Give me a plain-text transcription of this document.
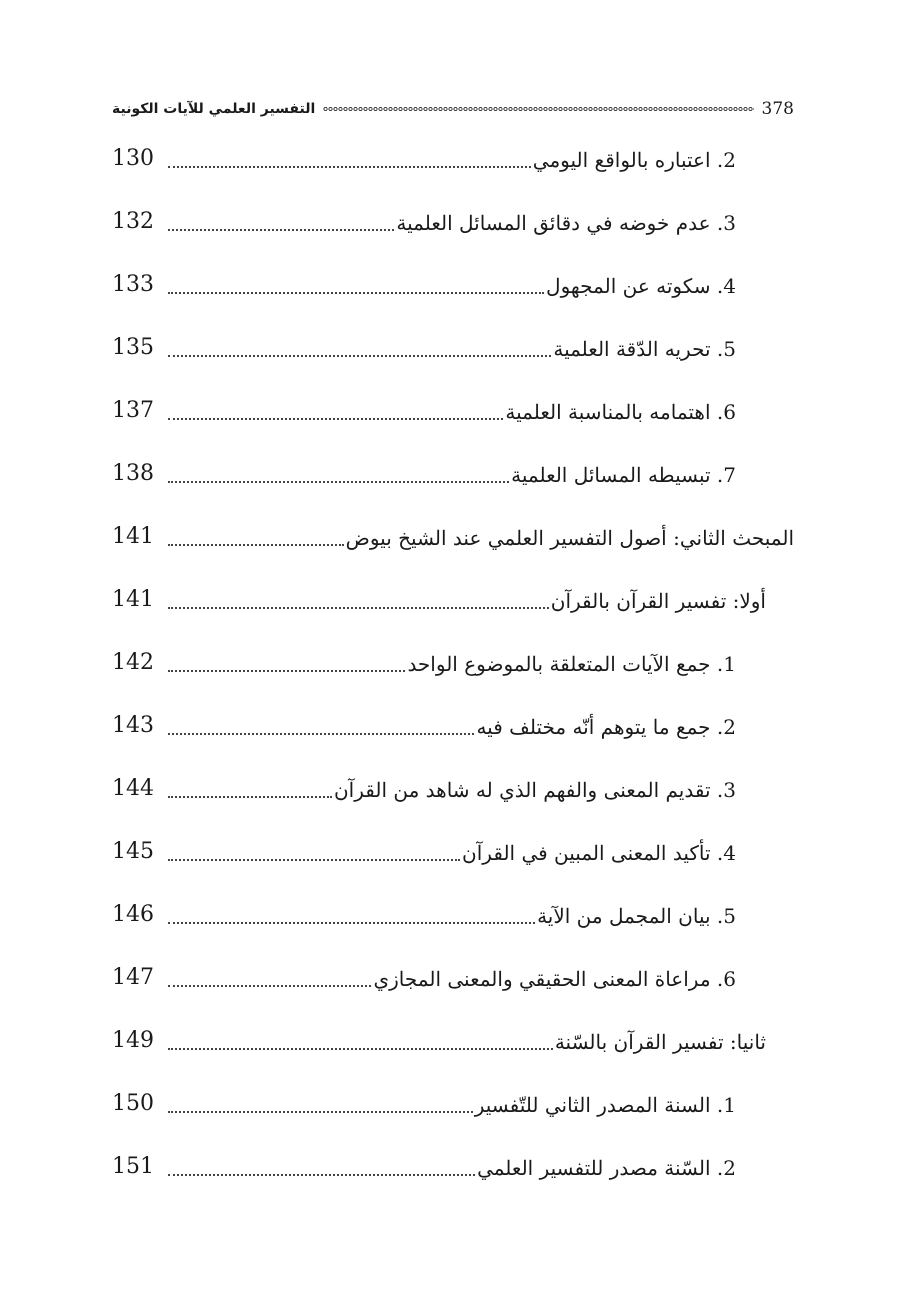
التفسير العلمي للآيات الكونية	378
130	2. اعتباره بالواقع اليومي
132	3. عدم خوضه في دقائق المسائل العلمية
133	4. سكوته عن المجهول
135	5. تحريه الدّقة العلمية
137	6. اهتمامه بالمناسبة العلمية
138	7. تبسيطه المسائل العلمية
141	المبحث الثاني: أصول التفسير العلمي عند الشيخ بيوض
141	أولا: تفسير القرآن بالقرآن
142	1. جمع الآيات المتعلقة بالموضوع الواحد
143	2. جمع ما يتوهم أنّه مختلف فيه
144	3. تقديم المعنى والفهم الذي له شاهد من القرآن
145	4. تأكيد المعنى المبين في القرآن
146	5. بيان المجمل من الآية
147	6. مراعاة المعنى الحقيقي والمعنى المجازي
149	ثانيا: تفسير القرآن بالسّنة
150	1. السنة المصدر الثاني للتّفسير
151	2. السّنة مصدر للتفسير العلمي
